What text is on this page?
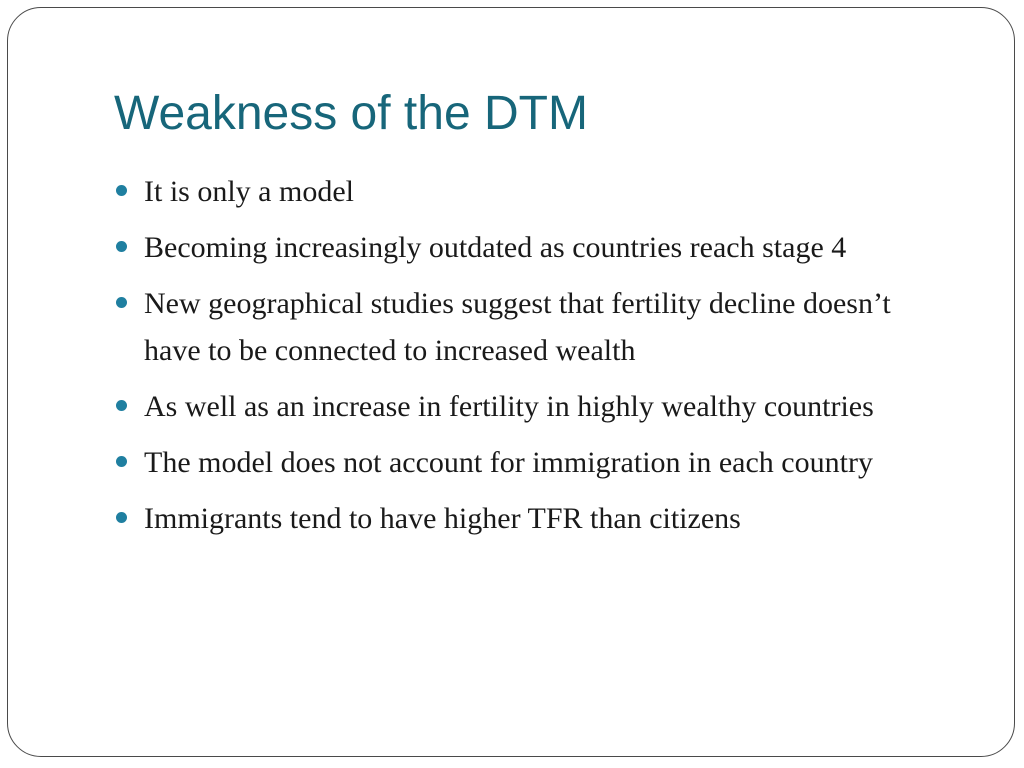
Weakness of the DTM
It is only a model
Becoming increasingly outdated as countries reach stage 4
New geographical studies suggest that fertility decline doesn’t have to be connected to increased wealth
As well as an increase in fertility in highly wealthy countries
The model does not account for immigration in each country
Immigrants tend to have higher TFR than citizens
